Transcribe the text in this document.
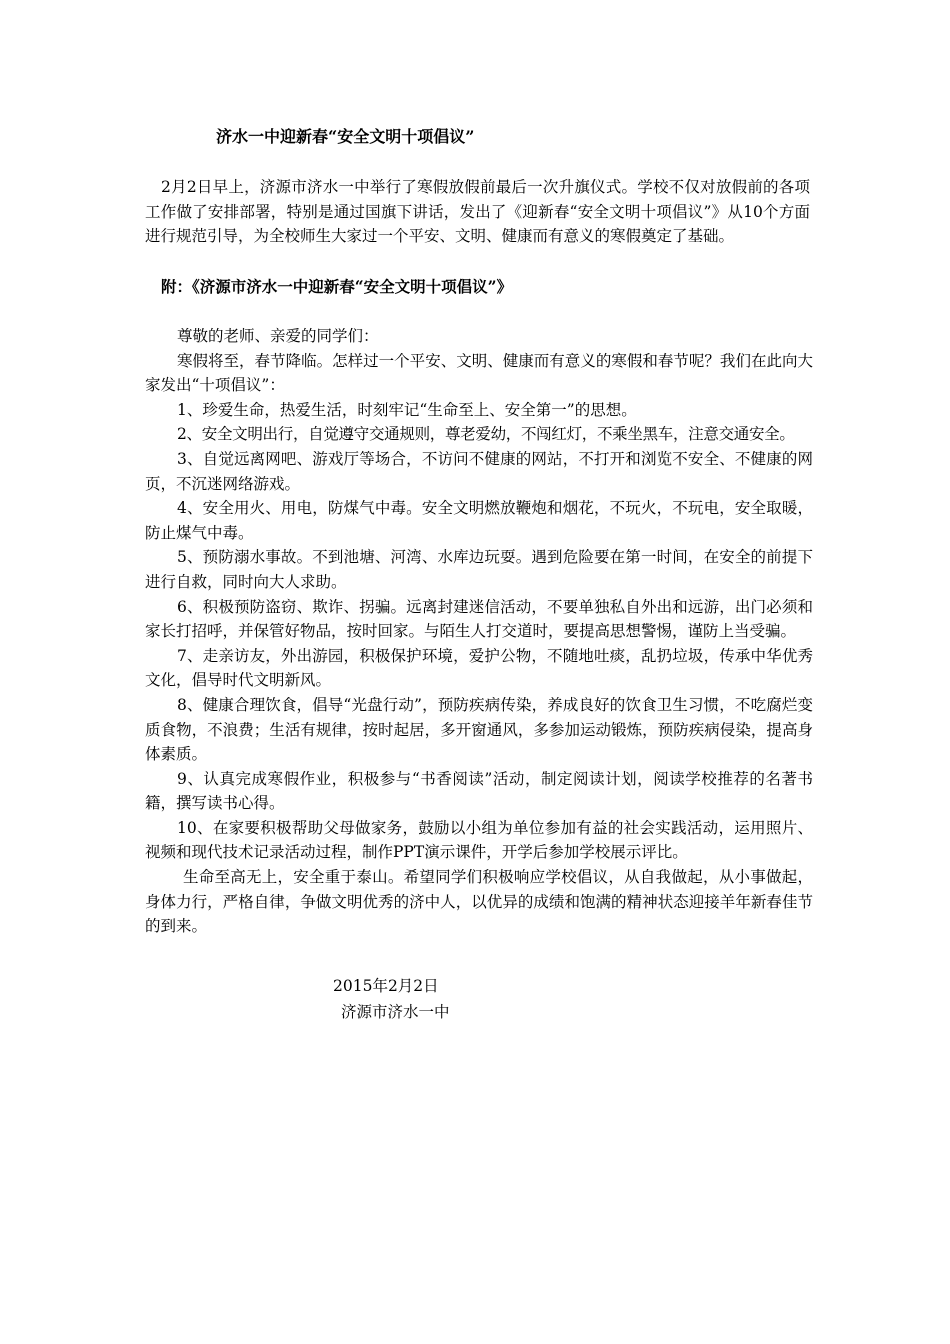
济水一中迎新春“安全文明十项倡议”
2月2日早上，济源市济水一中举行了寒假放假前最后一次升旗仪式。学校不仅对放假前的各项工作做了安排部署，特别是通过国旗下讲话，发出了《迎新春“安全文明十项倡议”》从10个方面进行规范引导，为全校师生大家过一个平安、文明、健康而有意义的寒假奠定了基础。
附：《济源市济水一中迎新春“安全文明十项倡议”》

尊敬的老师、亲爱的同学们：

寒假将至，春节降临。怎样过一个平安、文明、健康而有意义的寒假和春节呢？我们在此向大家发出“十项倡议”：

1、珍爱生命，热爱生活，时刻牢记“生命至上、安全第一”的思想。

2、安全文明出行，自觉遵守交通规则，尊老爱幼，不闯红灯，不乘坐黑车，注意交通安全。

3、自觉远离网吧、游戏厅等场合，不访问不健康的网站，不打开和浏览不安全、不健康的网页，不沉迷网络游戏。

4、安全用火、用电，防煤气中毒。安全文明燃放鞭炮和烟花，不玩火，不玩电，安全取暖，防止煤气中毒。

5、预防溺水事故。不到池塘、河湾、水库边玩耍。遇到危险要在第一时间，在安全的前提下进行自救，同时向大人求助。

6、积极预防盗窃、欺诈、拐骗。远离封建迷信活动，不要单独私自外出和远游，出门必须和家长打招呼，并保管好物品，按时回家。与陌生人打交道时，要提高思想警惕，谨防上当受骗。

7、走亲访友，外出游园，积极保护环境，爱护公物，不随地吐痰，乱扔垃圾，传承中华优秀文化，倡导时代文明新风。

8、健康合理饮食，倡导“光盘行动”，预防疾病传染，养成良好的饮食卫生习惯，不吃腐烂变质食物，不浪费；生活有规律，按时起居，多开窗通风，多参加运动锻炼，预防疾病侵染，提高身体素质。

9、认真完成寒假作业，积极参与“书香阅读”活动，制定阅读计划，阅读学校推荐的名著书籍，撰写读书心得。

10、在家要积极帮助父母做家务，鼓励以小组为单位参加有益的社会实践活动，运用照片、视频和现代技术记录活动过程，制作PPT演示课件，开学后参加学校展示评比。

生命至高无上，安全重于泰山。希望同学们积极响应学校倡议，从自我做起，从小事做起，身体力行，严格自律，争做文明优秀的济中人，以优异的成绩和饱满的精神状态迎接羊年新春佳节的到来。

2015年2月2日
济源市济水一中
